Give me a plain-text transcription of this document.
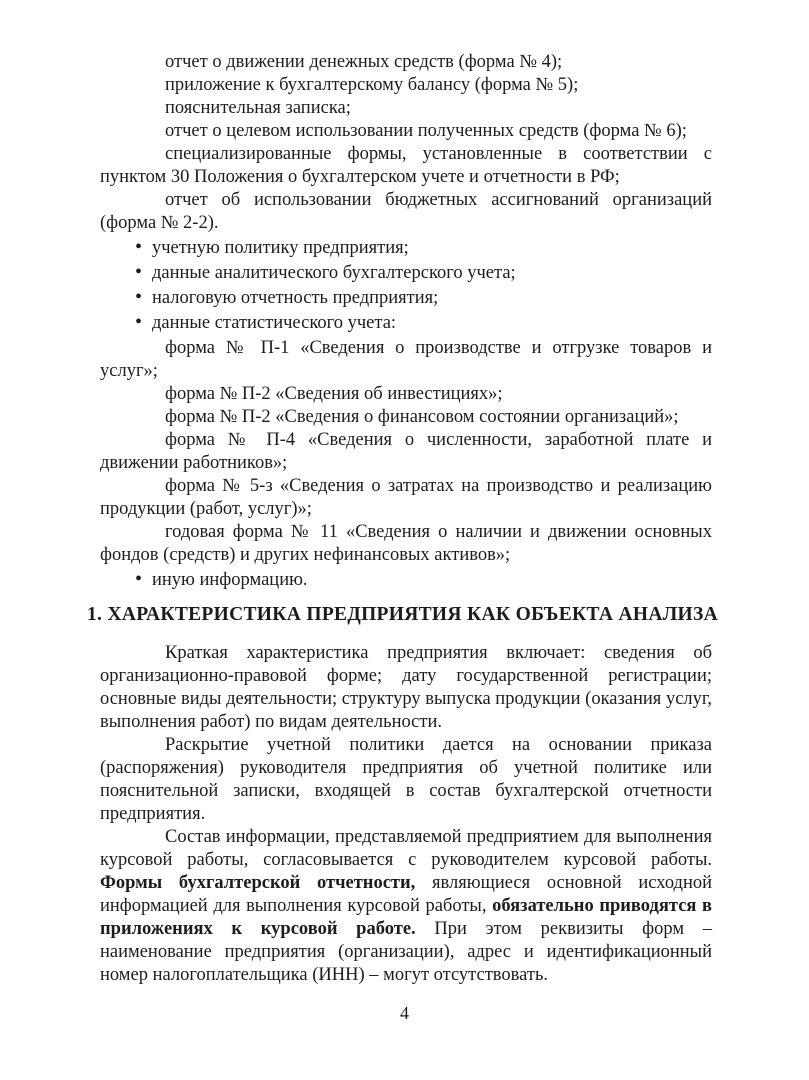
отчет о движении денежных средств (форма № 4);

приложение к бухгалтерскому балансу (форма № 5);

пояснительная записка;

отчет о целевом использовании полученных средств (форма № 6);

специализированные формы, установленные в соответствии с пунктом 30 Положения о бухгалтерском учете и отчетности в РФ;

отчет об использовании бюджетных ассигнований организаций (форма № 2-2).

• учетную политику предприятия;
• данные аналитического бухгалтерского учета;
• налоговую отчетность предприятия;
• данные статистического учета:

форма № П-1 «Сведения о производстве и отгрузке товаров и услуг»;

форма № П-2 «Сведения об инвестициях»;

форма № П-2 «Сведения о финансовом состоянии организаций»;

форма № П-4 «Сведения о численности, заработной плате и движении работников»;

форма № 5-з «Сведения о затратах на производство и реализацию продукции (работ, услуг)»;

годовая форма № 11 «Сведения о наличии и движении основных фондов (средств) и других нефинансовых активов»;

• иную информацию.
1. ХАРАКТЕРИСТИКА ПРЕДПРИЯТИЯ КАК ОБЪЕКТА АНАЛИЗА

Краткая характеристика предприятия включает: сведения об организационно-правовой форме; дату государственной регистрации; основные виды деятельности; структуру выпуска продукции (оказания услуг, выполнения работ) по видам деятельности.

Раскрытие учетной политики дается на основании приказа (распоряжения) руководителя предприятия об учетной политике или пояснительной записки, входящей в состав бухгалтерской отчетности предприятия.

Состав информации, представляемой предприятием для выполнения курсовой работы, согласовывается с руководителем курсовой работы. Формы бухгалтерской отчетности, являющиеся основной исходной информацией для выполнения курсовой работы, обязательно приводятся в приложениях к курсовой работе. При этом реквизиты форм – наименование предприятия (организации), адрес и идентификационный номер налогоплательщика (ИНН) – могут отсутствовать.

4
